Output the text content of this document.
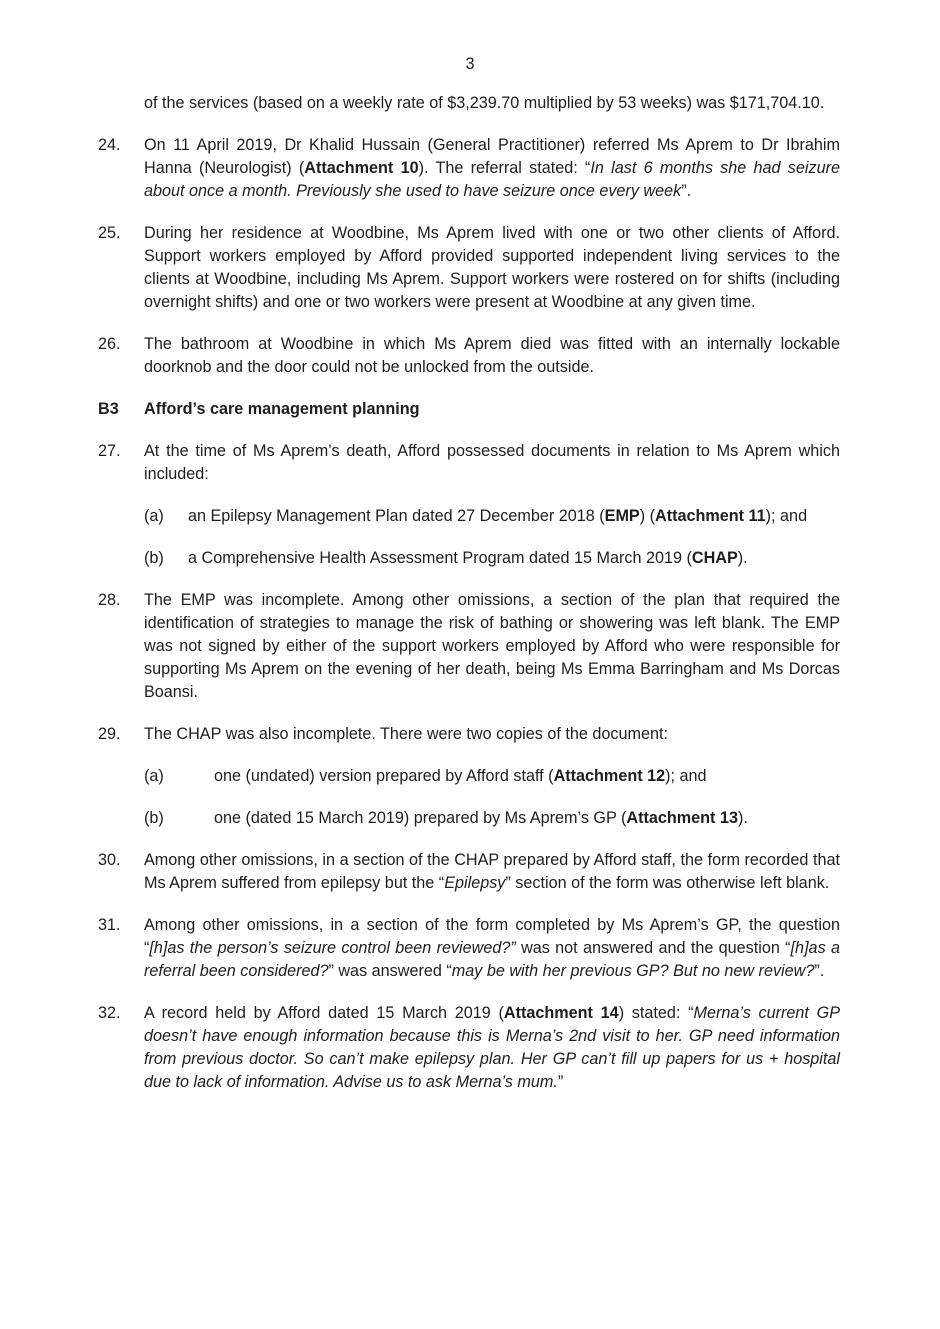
3

of the services (based on a weekly rate of $3,239.70 multiplied by 53 weeks) was $171,704.10.

24. On 11 April 2019, Dr Khalid Hussain (General Practitioner) referred Ms Aprem to Dr Ibrahim Hanna (Neurologist) (Attachment 10). The referral stated: “In last 6 months she had seizure about once a month. Previously she used to have seizure once every week”.

25. During her residence at Woodbine, Ms Aprem lived with one or two other clients of Afford. Support workers employed by Afford provided supported independent living services to the clients at Woodbine, including Ms Aprem. Support workers were rostered on for shifts (including overnight shifts) and one or two workers were present at Woodbine at any given time.

26. The bathroom at Woodbine in which Ms Aprem died was fitted with an internally lockable doorknob and the door could not be unlocked from the outside.

B3 Afford’s care management planning

27. At the time of Ms Aprem’s death, Afford possessed documents in relation to Ms Aprem which included:

(a) an Epilepsy Management Plan dated 27 December 2018 (EMP) (Attachment 11); and

(b) a Comprehensive Health Assessment Program dated 15 March 2019 (CHAP).

28. The EMP was incomplete. Among other omissions, a section of the plan that required the identification of strategies to manage the risk of bathing or showering was left blank. The EMP was not signed by either of the support workers employed by Afford who were responsible for supporting Ms Aprem on the evening of her death, being Ms Emma Barringham and Ms Dorcas Boansi.

29. The CHAP was also incomplete. There were two copies of the document:

(a)	one (undated) version prepared by Afford staff (Attachment 12); and

(b)	one (dated 15 March 2019) prepared by Ms Aprem’s GP (Attachment 13).

30. Among other omissions, in a section of the CHAP prepared by Afford staff, the form recorded that Ms Aprem suffered from epilepsy but the “Epilepsy” section of the form was otherwise left blank.

31. Among other omissions, in a section of the form completed by Ms Aprem’s GP, the question “[h]as the person’s seizure control been reviewed?” was not answered and the question “[h]as a referral been considered?” was answered “may be with her previous GP? But no new review?”.

32. A record held by Afford dated 15 March 2019 (Attachment 14) stated: “Merna’s current GP doesn’t have enough information because this is Merna’s 2nd visit to her. GP need information from previous doctor. So can’t make epilepsy plan. Her GP can’t fill up papers for us + hospital due to lack of information. Advise us to ask Merna’s mum.”
